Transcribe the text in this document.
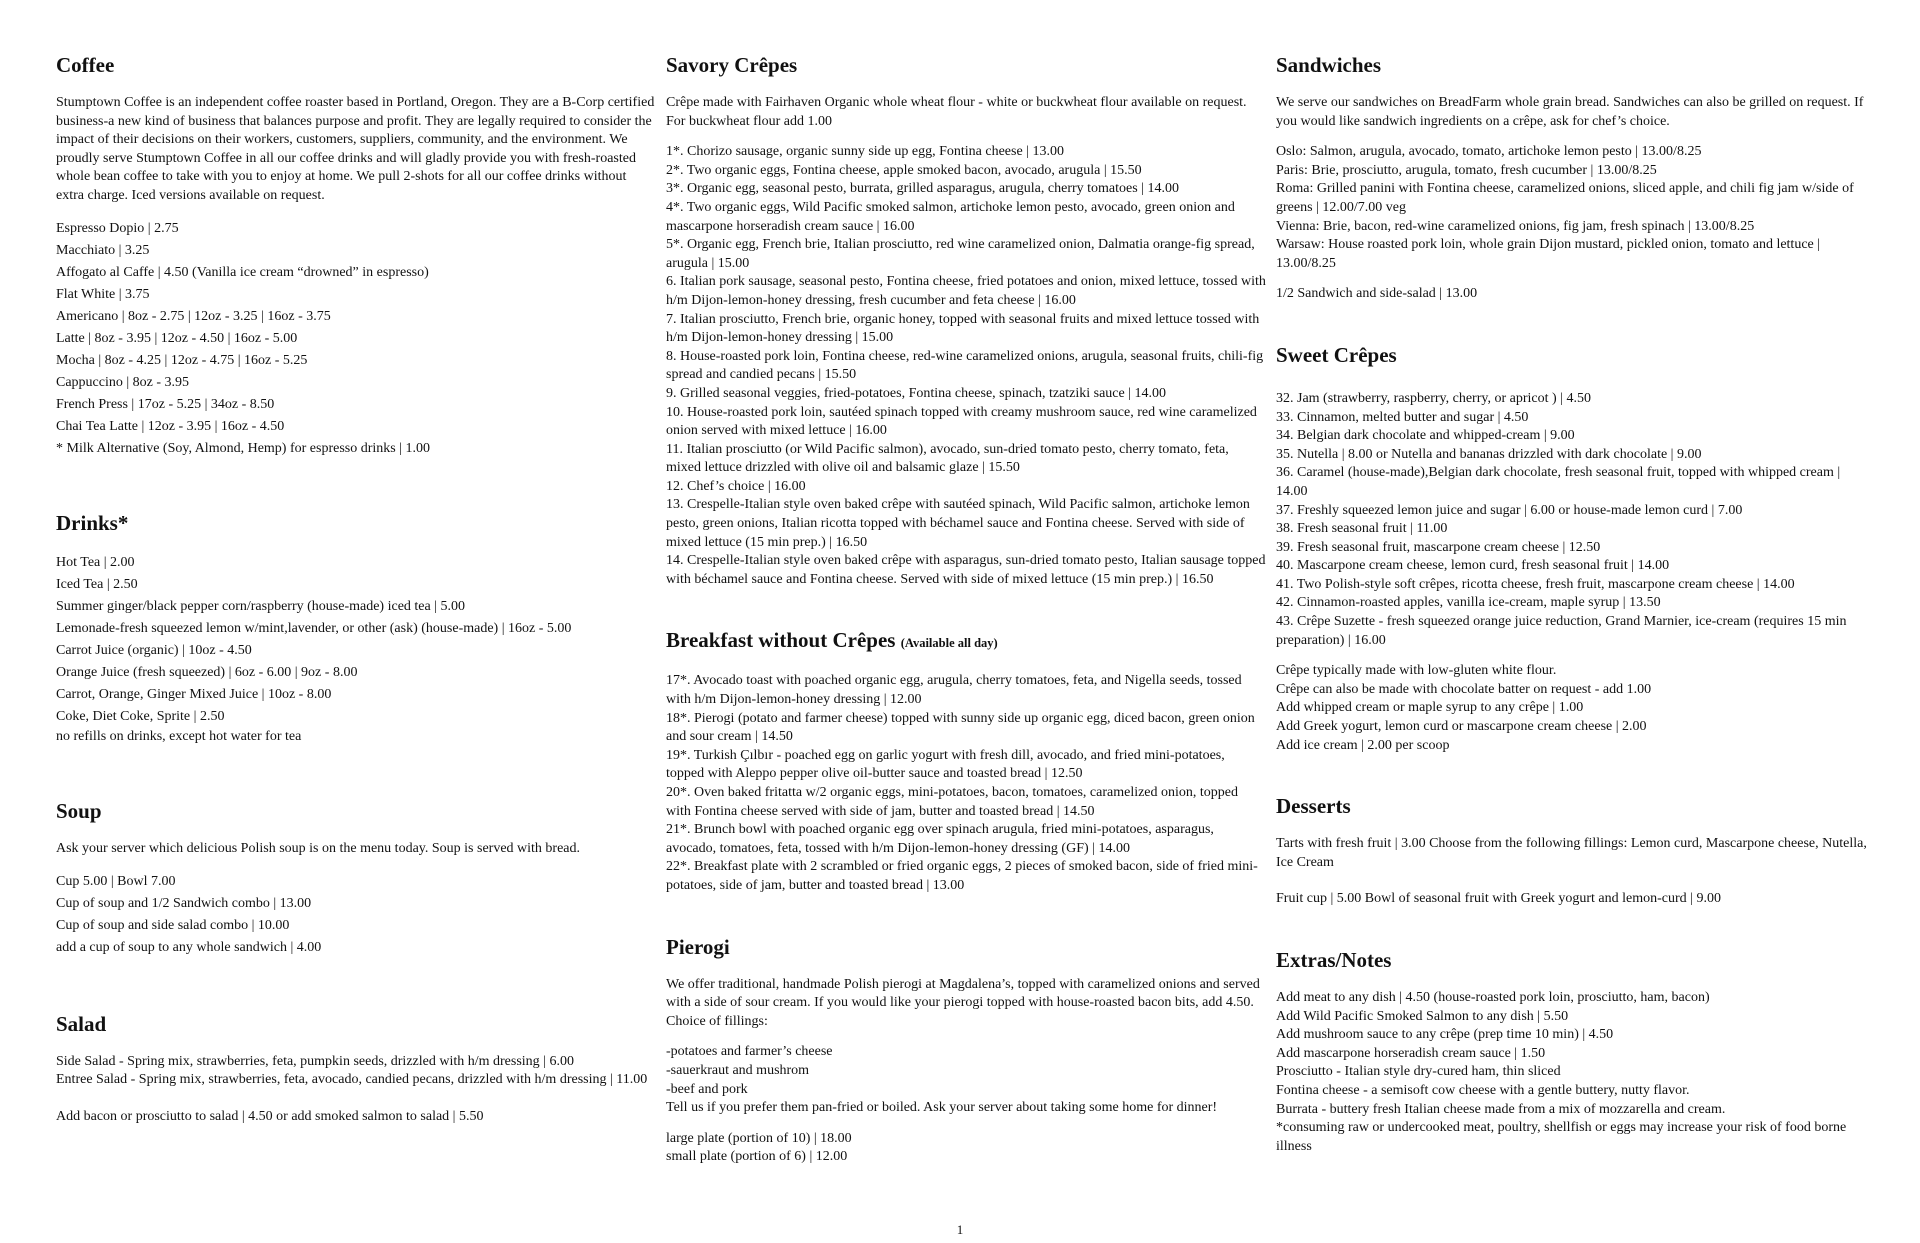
Coffee

Stumptown Coffee is an independent coffee roaster based in Portland, Oregon. They are a B-Corp certified business-a new kind of business that balances purpose and profit. They are legally required to consider the impact of their decisions on their workers, customers, suppliers, community, and the environment. We proudly serve Stumptown Coffee in all our coffee drinks and will gladly provide you with fresh-roasted whole bean coffee to take with you to enjoy at home. We pull 2-shots for all our coffee drinks without extra charge. Iced versions available on request.

Espresso Dopio | 2.75
Macchiato | 3.25
Affogato al Caffe | 4.50 (Vanilla ice cream “drowned” in espresso)
Flat White | 3.75
Americano | 8oz - 2.75 | 12oz - 3.25 | 16oz - 3.75
Latte | 8oz - 3.95 | 12oz - 4.50 | 16oz - 5.00
Mocha | 8oz - 4.25 | 12oz - 4.75 | 16oz - 5.25
Cappuccino | 8oz - 3.95
French Press | 17oz - 5.25 | 34oz - 8.50
Chai Tea Latte | 12oz - 3.95 | 16oz - 4.50
* Milk Alternative (Soy, Almond, Hemp) for espresso drinks | 1.00
Drinks*
Hot Tea | 2.00
Iced Tea | 2.50
Summer ginger/black pepper corn/raspberry (house-made) iced tea | 5.00
Lemonade-fresh squeezed lemon w/mint,lavender, or other (ask) (house-made) | 16oz - 5.00
Carrot Juice (organic) | 10oz - 4.50
Orange Juice (fresh squeezed) | 6oz - 6.00 | 9oz - 8.00
Carrot, Orange, Ginger Mixed Juice | 10oz - 8.00
Coke, Diet Coke, Sprite | 2.50

no refills on drinks, except hot water for tea

Soup

Ask your server which delicious Polish soup is on the menu today. Soup is served with bread.

Cup 5.00 | Bowl 7.00
Cup of soup and 1/2 Sandwich combo | 13.00
Cup of soup and side salad combo | 10.00
add a cup of soup to any whole sandwich | 4.00
Salad
Side Salad - Spring mix, strawberries, feta, pumpkin seeds, drizzled with h/m dressing | 6.00
Entree Salad - Spring mix, strawberries, feta, avocado, candied pecans, drizzled with h/m dressing | 11.00

Add bacon or prosciutto to salad | 4.50 or add smoked salmon to salad | 5.50

Savory Crêpes

Crêpe made with Fairhaven Organic whole wheat flour - white or buckwheat flour available on request. For buckwheat flour add 1.00

1*. Chorizo sausage, organic sunny side up egg, Fontina cheese | 13.00
2*. Two organic eggs, Fontina cheese, apple smoked bacon, avocado, arugula | 15.50
3*. Organic egg, seasonal pesto, burrata, grilled asparagus, arugula, cherry tomatoes | 14.00
4*. Two organic eggs, Wild Pacific smoked salmon, artichoke lemon pesto, avocado, green onion and mascarpone horseradish cream sauce | 16.00
5*. Organic egg, French brie, Italian prosciutto, red wine caramelized onion, Dalmatia orange-fig spread, arugula | 15.00
6. Italian pork sausage, seasonal pesto, Fontina cheese, fried potatoes and onion, mixed lettuce, tossed with h/m Dijon-lemon-honey dressing, fresh cucumber and feta cheese | 16.00
7. Italian prosciutto, French brie, organic honey, topped with seasonal fruits and mixed lettuce tossed with h/m Dijon-lemon-honey dressing | 15.00
8. House-roasted pork loin, Fontina cheese, red-wine caramelized onions, arugula, seasonal fruits, chili-fig spread and candied pecans | 15.50
9. Grilled seasonal veggies, fried-potatoes, Fontina cheese, spinach, tzatziki sauce | 14.00
10. House-roasted pork loin, sautéed spinach topped with creamy mushroom sauce, red wine caramelized onion served with mixed lettuce | 16.00
11. Italian prosciutto (or Wild Pacific salmon), avocado, sun-dried tomato pesto, cherry tomato, feta, mixed lettuce drizzled with olive oil and balsamic glaze | 15.50
12. Chef’s choice | 16.00
13. Crespelle-Italian style oven baked crêpe with sautéed spinach, Wild Pacific salmon, artichoke lemon pesto, green onions, Italian ricotta topped with béchamel sauce and Fontina cheese. Served with side of mixed lettuce (15 min prep.) | 16.50
14. Crespelle-Italian style oven baked crêpe with asparagus, sun-dried tomato pesto, Italian sausage topped with béchamel sauce and Fontina cheese. Served with side of mixed lettuce (15 min prep.) | 16.50
Breakfast without Crêpes (Available all day)
17*. Avocado toast with poached organic egg, arugula, cherry tomatoes, feta, and Nigella seeds, tossed with h/m Dijon-lemon-honey dressing | 12.00
18*. Pierogi (potato and farmer cheese) topped with sunny side up organic egg, diced bacon, green onion and sour cream | 14.50
19*. Turkish Çılbır - poached egg on garlic yogurt with fresh dill, avocado, and fried mini-potatoes, topped with Aleppo pepper olive oil-butter sauce and toasted bread | 12.50
20*. Oven baked fritatta w/2 organic eggs, mini-potatoes, bacon, tomatoes, caramelized onion, topped with Fontina cheese served with side of jam, butter and toasted bread | 14.50
21*. Brunch bowl with poached organic egg over spinach arugula, fried mini-potatoes, asparagus, avocado, tomatoes, feta, tossed with h/m Dijon-lemon-honey dressing (GF) | 14.00
22*. Breakfast plate with 2 scrambled or fried organic eggs, 2 pieces of smoked bacon, side of fried mini-potatoes, side of jam, butter and toasted bread | 13.00
Pierogi

We offer traditional, handmade Polish pierogi at Magdalena’s, topped with caramelized onions and served with a side of sour cream. If you would like your pierogi topped with house-roasted bacon bits, add 4.50. Choice of fillings:

-potatoes and farmer’s cheese
-sauerkraut and mushrom
-beef and pork

Tell us if you prefer them pan-fried or boiled. Ask your server about taking some home for dinner!

large plate (portion of 10) | 18.00
small plate (portion of 6) | 12.00
Sandwiches

We serve our sandwiches on BreadFarm whole grain bread. Sandwiches can also be grilled on request. If you would like sandwich ingredients on a crêpe, ask for chef’s choice.

Oslo: Salmon, arugula, avocado, tomato, artichoke lemon pesto | 13.00/8.25
Paris: Brie, prosciutto, arugula, tomato, fresh cucumber | 13.00/8.25
Roma: Grilled panini with Fontina cheese, caramelized onions, sliced apple, and chili fig jam w/side of greens | 12.00/7.00 veg
Vienna: Brie, bacon, red-wine caramelized onions, fig jam, fresh spinach | 13.00/8.25
Warsaw: House roasted pork loin, whole grain Dijon mustard, pickled onion, tomato and lettuce | 13.00/8.25

1/2 Sandwich and side-salad | 13.00

Sweet Crêpes
32. Jam (strawberry, raspberry, cherry, or apricot ) | 4.50
33. Cinnamon, melted butter and sugar | 4.50
34. Belgian dark chocolate and whipped-cream | 9.00
35. Nutella | 8.00 or Nutella and bananas drizzled with dark chocolate | 9.00
36. Caramel (house-made),Belgian dark chocolate, fresh seasonal fruit, topped with whipped cream | 14.00
37. Freshly squeezed lemon juice and sugar | 6.00 or house-made lemon curd | 7.00
38. Fresh seasonal fruit | 11.00
39. Fresh seasonal fruit, mascarpone cream cheese | 12.50
40. Mascarpone cream cheese, lemon curd, fresh seasonal fruit | 14.00
41. Two Polish-style soft crêpes, ricotta cheese, fresh fruit, mascarpone cream cheese | 14.00
42. Cinnamon-roasted apples, vanilla ice-cream, maple syrup | 13.50
43. Crêpe Suzette - fresh squeezed orange juice reduction, Grand Marnier, ice-cream (requires 15 min preparation) | 16.00
Crêpe typically made with low-gluten white flour.
Crêpe can also be made with chocolate batter on request - add 1.00
Add whipped cream or maple syrup to any crêpe | 1.00
Add Greek yogurt, lemon curd or mascarpone cream cheese | 2.00
Add ice cream | 2.00 per scoop
Desserts

Tarts with fresh fruit | 3.00 Choose from the following fillings: Lemon curd, Mascarpone cheese, Nutella, Ice Cream

Fruit cup | 5.00 Bowl of seasonal fruit with Greek yogurt and lemon-curd | 9.00

Extras/Notes
Add meat to any dish | 4.50 (house-roasted pork loin, prosciutto, ham, bacon)
Add Wild Pacific Smoked Salmon to any dish | 5.50
Add mushroom sauce to any crêpe (prep time 10 min) | 4.50
Add mascarpone horseradish cream sauce | 1.50
Prosciutto - Italian style dry-cured ham, thin sliced
Fontina cheese - a semisoft cow cheese with a gentle buttery, nutty flavor.
Burrata - buttery fresh Italian cheese made from a mix of mozzarella and cream.
*consuming raw or undercooked meat, poultry, shellfish or eggs may increase your risk of food borne illness
1
